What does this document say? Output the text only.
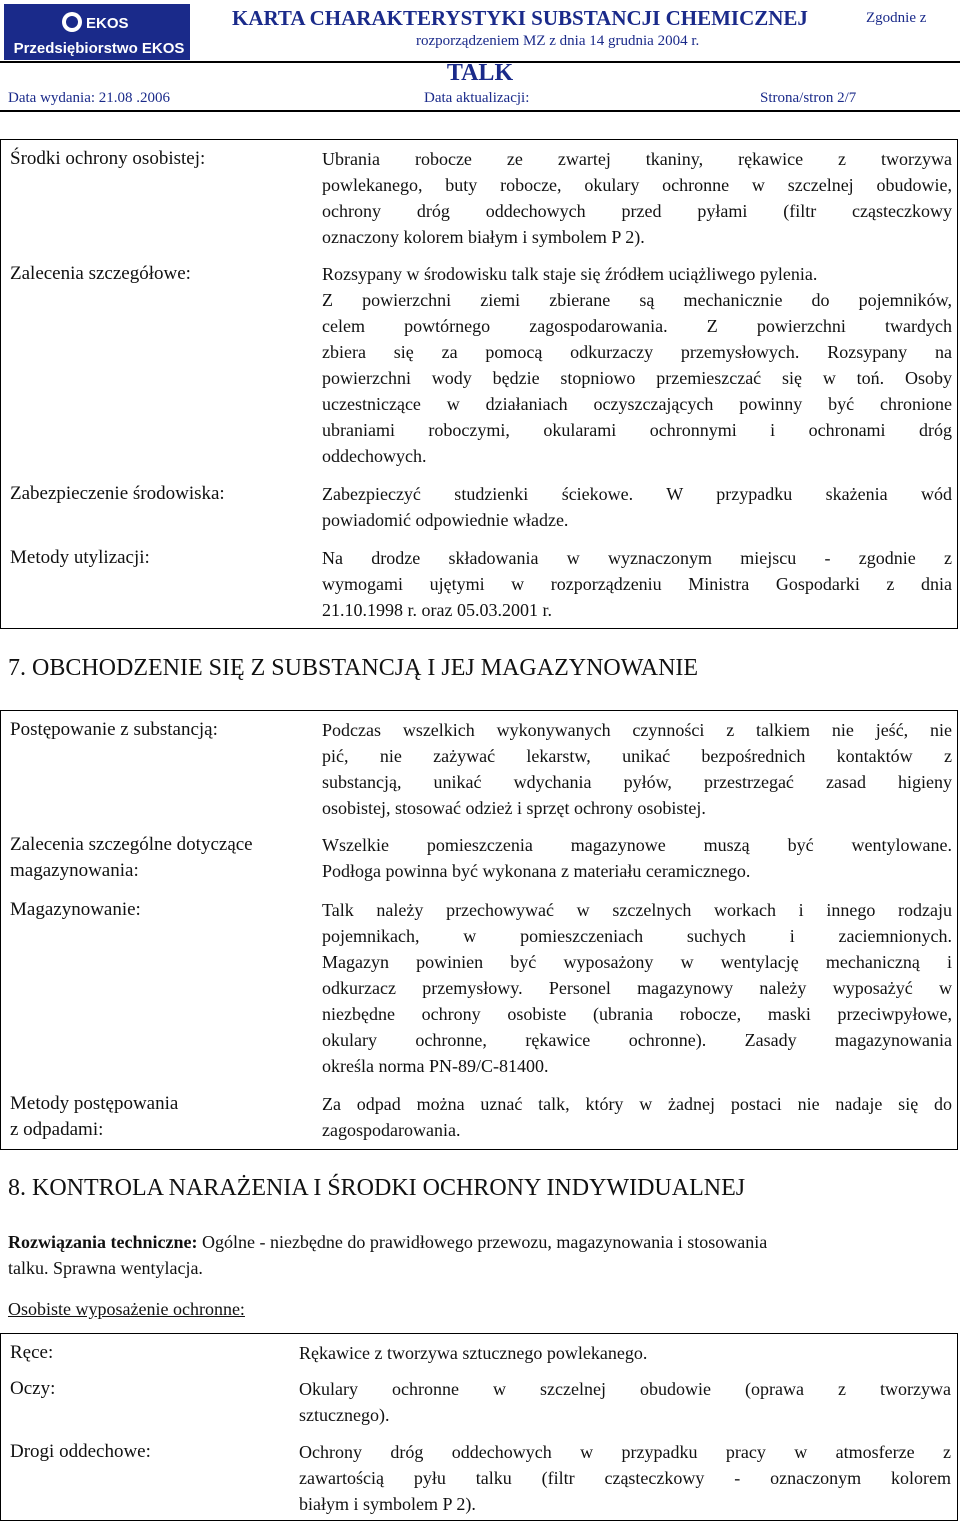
EKOS
Przedsiębiorstwo EKOS
KARTA CHARAKTERYSTYKI SUBSTANCJI CHEMICZNEJ	Zgodnie z
rozporządzeniem MZ z dnia 14 grudnia 2004 r.
TALK
Data wydania: 21.08 .2006	Data aktualizacji:	Strona/stron 2/7
Środki ochrony osobistej:	Ubrania robocze ze zwartej tkaniny, rękawice z tworzywa
powlekanego, buty robocze, okulary ochronne w szczelnej obudowie,
ochrony dróg oddechowych przed pyłami (filtr cząsteczkowy
oznaczony kolorem białym i symbolem P 2).
Zalecenia szczegółowe:	Rozsypany w środowisku talk staje się źródłem uciążliwego pylenia.
Z powierzchni ziemi zbierane są mechanicznie do pojemników,
celem powtórnego zagospodarowania. Z powierzchni twardych
zbiera się za pomocą odkurzaczy przemysłowych. Rozsypany na
powierzchni wody będzie stopniowo przemieszczać się w toń. Osoby
uczestniczące w działaniach oczyszczających powinny być chronione
ubraniami roboczymi, okularami ochronnymi i ochronami dróg
oddechowych.
Zabezpieczenie środowiska:	Zabezpieczyć studzienki ściekowe. W przypadku skażenia wód
powiadomić odpowiednie władze.
Metody utylizacji:	Na drodze składowania w wyznaczonym miejscu - zgodnie z
wymogami ujętymi w rozporządzeniu Ministra Gospodarki z dnia
21.10.1998 r. oraz 05.03.2001 r.
7. OBCHODZENIE SIĘ Z SUBSTANCJĄ I JEJ MAGAZYNOWANIE
Postępowanie z substancją:	Podczas wszelkich wykonywanych czynności z talkiem nie jeść, nie
pić, nie zażywać lekarstw, unikać bezpośrednich kontaktów z
substancją, unikać wdychania pyłów, przestrzegać zasad higieny
osobistej, stosować odzież i sprzęt ochrony osobistej.
Zalecenia szczególne dotyczące
magazynowania:
Wszelkie pomieszczenia magazynowe muszą być wentylowane.
Podłoga powinna być wykonana z materiału ceramicznego.
Magazynowanie:	Talk należy przechowywać w szczelnych workach i innego rodzaju
pojemnikach, w pomieszczeniach suchych i zaciemnionych.
Magazyn powinien być wyposażony w wentylację mechaniczną i
odkurzacz przemysłowy. Personel magazynowy należy wyposażyć w
niezbędne ochrony osobiste (ubrania robocze, maski przeciwpyłowe,
okulary ochronne, rękawice ochronne). Zasady magazynowania
określa norma PN-89/C-81400.
Metody postępowania
z odpadami:
Za odpad można uznać talk, który w żadnej postaci nie nadaje się do
zagospodarowania.
8. KONTROLA NARAŻENIA I ŚRODKI OCHRONY INDYWIDUALNEJ
Rozwiązania techniczne: Ogólne - niezbędne do prawidłowego przewozu, magazynowania i stosowania
talku. Sprawna wentylacja.
Osobiste wyposażenie ochronne:
Ręce:	Rękawice z tworzywa sztucznego powlekanego.
Oczy:	Okulary ochronne w szczelnej obudowie (oprawa z tworzywa
sztucznego).
Drogi oddechowe:	Ochrony dróg oddechowych w przypadku pracy w atmosferze z
zawartością pyłu talku (filtr cząsteczkowy - oznaczonym kolorem
białym i symbolem P 2).
